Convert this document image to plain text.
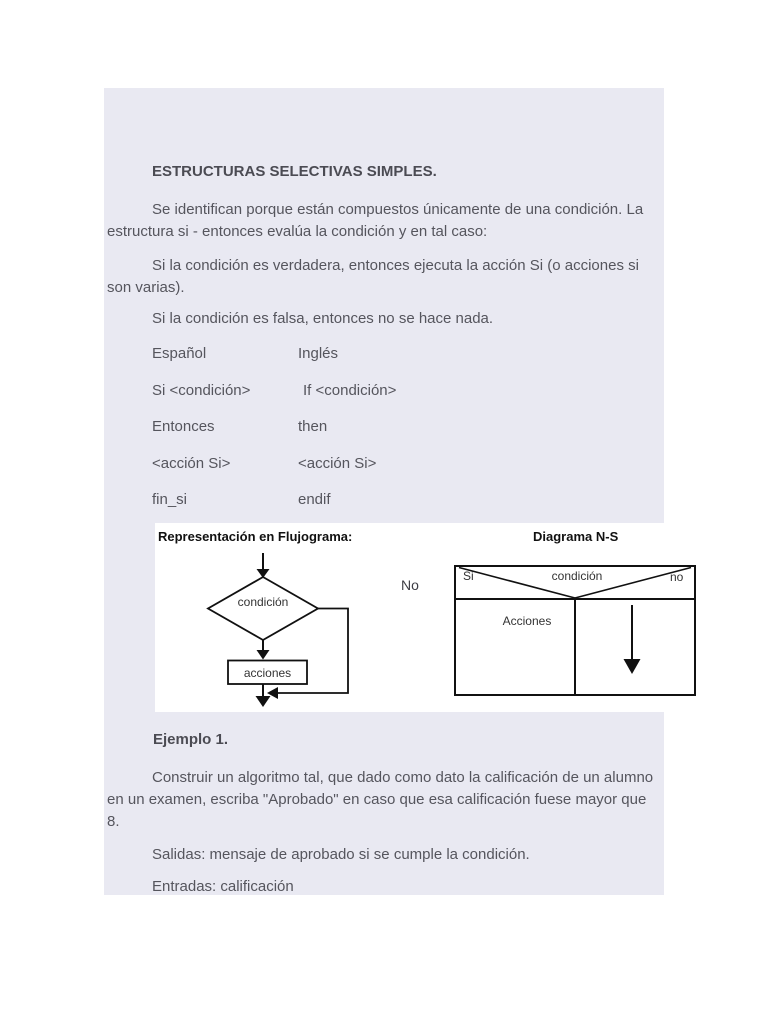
ESTRUCTURAS SELECTIVAS SIMPLES.
Se identifican porque están compuestos únicamente de una condición. La
estructura si - entonces evalúa la condición y en tal caso:
Si la condición es verdadera, entonces ejecuta la acción Si (o acciones si
son varias).
Si la condición es falsa, entonces no se hace nada.
Español	Inglés
Si <condición>	If <condición>
Entonces	then
<acción Si>	<acción Si>
fin_si	endif
Representación en Flujograma:
condición
acciones
No
Diagrama N-S
Si	condición	no
Acciones
Ejemplo 1.
Construir un algoritmo tal, que dado como dato la calificación de un alumno
en un examen, escriba "Aprobado" en caso que esa calificación fuese mayor que
8.
Salidas: mensaje de aprobado si se cumple la condición.
Entradas: calificación
